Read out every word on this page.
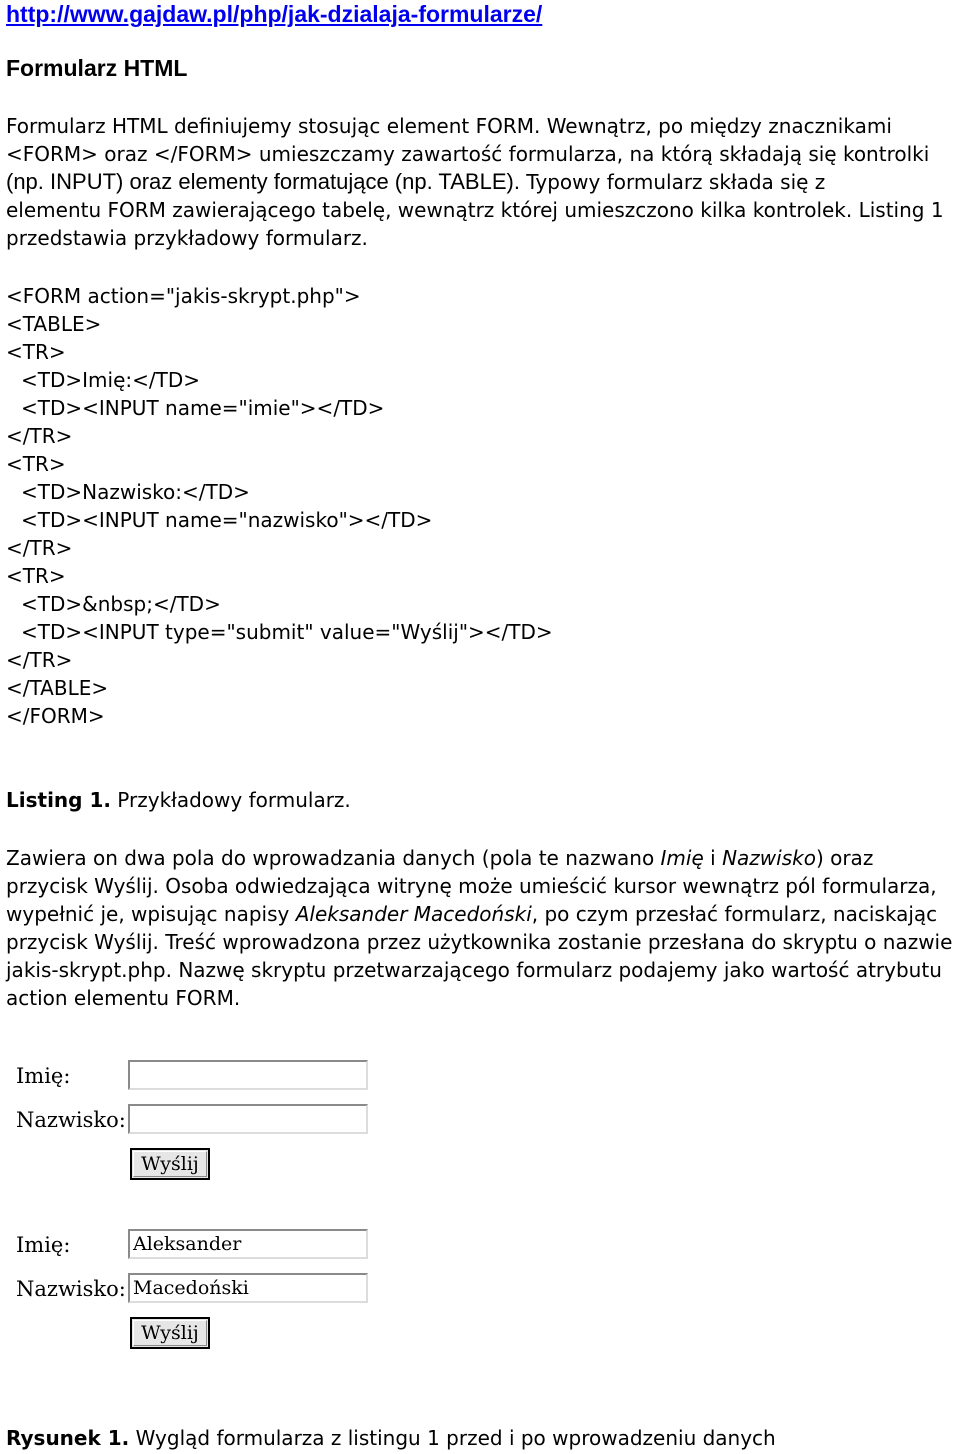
http://www.gajdaw.pl/php/jak-dzialaja-formularze/
Formularz HTML
Formularz HTML definiujemy stosując element FORM. Wewnątrz, po między znacznikami
<FORM> oraz </FORM> umieszczamy zawartość formularza, na którą składają się kontrolki
(np. INPUT) oraz elementy formatujące (np. TABLE). Typowy formularz składa się z
elementu FORM zawierającego tabelę, wewnątrz której umieszczono kilka kontrolek. Listing 1
przedstawia przykładowy formularz.
<FORM action="jakis-skrypt.php">
<TABLE>
<TR>
<TD>Imię:</TD>
<TD><INPUT name="imie"></TD>
</TR>
<TR>
<TD>Nazwisko:</TD>
<TD><INPUT name="nazwisko"></TD>
</TR>
<TR>
<TD>&nbsp;</TD>
<TD><INPUT type="submit" value="Wyślij"></TD>
</TR>
</TABLE>
</FORM>
Listing 1. Przykładowy formularz.
Zawiera on dwa pola do wprowadzania danych (pola te nazwano Imię i Nazwisko) oraz przycisk Wyślij. Osoba odwiedzająca witrynę może umieścić kursor wewnątrz pól formularza, wypełnić je, wpisując napisy Aleksander Macedoński, po czym przesłać formularz, naciskając przycisk Wyślij. Treść wprowadzona przez użytkownika zostanie przesłana do skryptu o nazwie jakis-skrypt.php. Nazwę skryptu przetwarzającego formularz podajemy jako wartość atrybutu action elementu FORM.
Imię:
Nazwisko:
Wyślij
Imię:	Aleksander
Nazwisko: Macedoński
Wyślij
Rysunek 1. Wygląd formularza z listingu 1 przed i po wprowadzeniu danych
